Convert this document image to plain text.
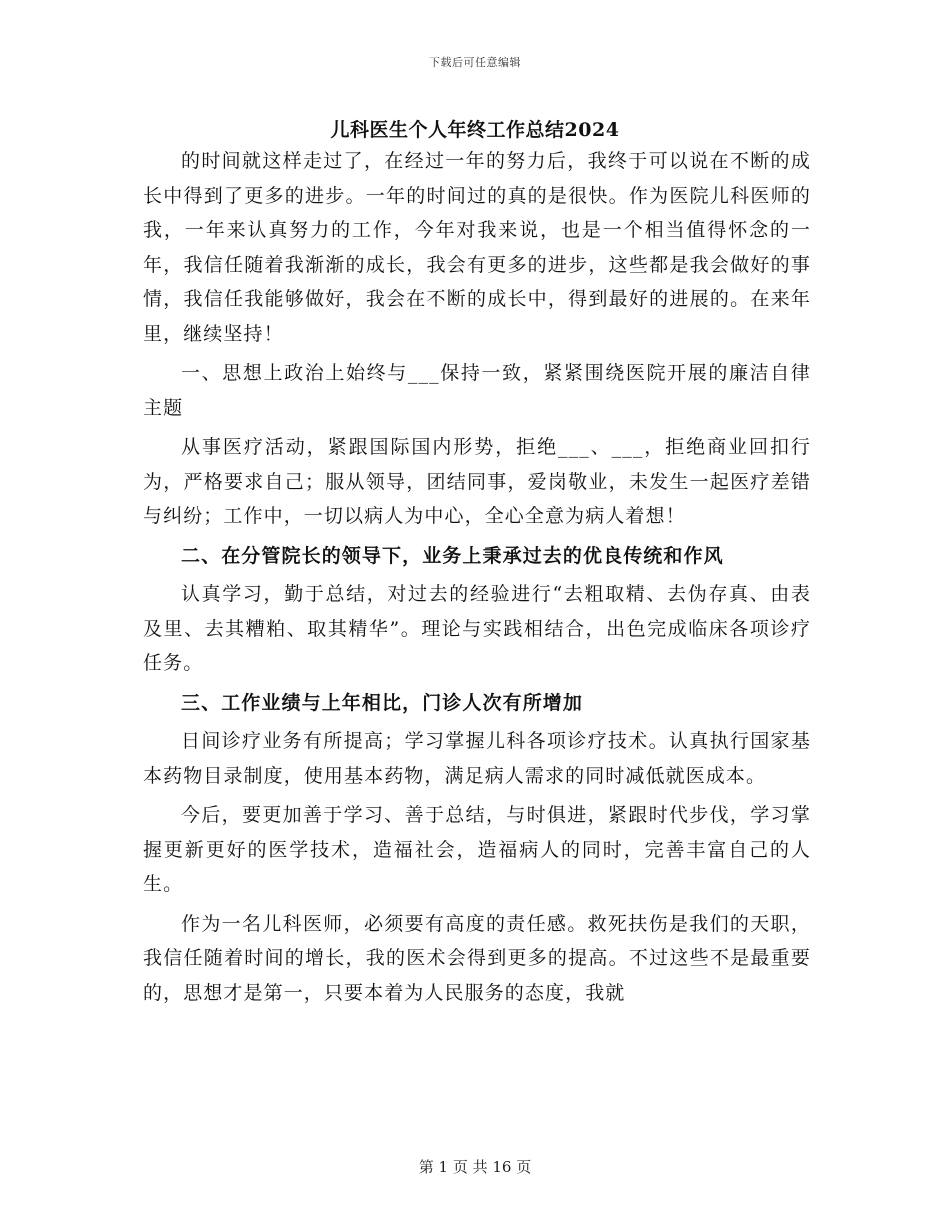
下载后可任意编辑
儿科医生个人年终工作总结2024

的时间就这样走过了，在经过一年的努力后，我终于可以说在不断的成长中得到了更多的进步。一年的时间过的真的是很快。作为医院儿科医师的我，一年来认真努力的工作，今年对我来说，也是一个相当值得怀念的一年，我信任随着我渐渐的成长，我会有更多的进步，这些都是我会做好的事情，我信任我能够做好，我会在不断的成长中，得到最好的进展的。在来年里，继续坚持！

一、思想上政治上始终与___保持一致，紧紧围绕医院开展的廉洁自律主题

从事医疗活动，紧跟国际国内形势，拒绝___、___，拒绝商业回扣行为，严格要求自己；服从领导，团结同事，爱岗敬业，未发生一起医疗差错与纠纷；工作中，一切以病人为中心，全心全意为病人着想！

二、在分管院长的领导下，业务上秉承过去的优良传统和作风

认真学习，勤于总结，对过去的经验进行“去粗取精、去伪存真、由表及里、去其糟粕、取其精华”。理论与实践相结合，出色完成临床各项诊疗任务。

三、工作业绩与上年相比，门诊人次有所增加

日间诊疗业务有所提高；学习掌握儿科各项诊疗技术。认真执行国家基本药物目录制度，使用基本药物，满足病人需求的同时减低就医成本。

今后，要更加善于学习、善于总结，与时俱进，紧跟时代步伐，学习掌握更新更好的医学技术，造福社会，造福病人的同时，完善丰富自己的人生。

作为一名儿科医师，必须要有高度的责任感。救死扶伤是我们的天职，我信任随着时间的增长，我的医术会得到更多的提高。不过这些不是最重要的，思想才是第一，只要本着为人民服务的态度，我就

第 1 页 共 16 页
